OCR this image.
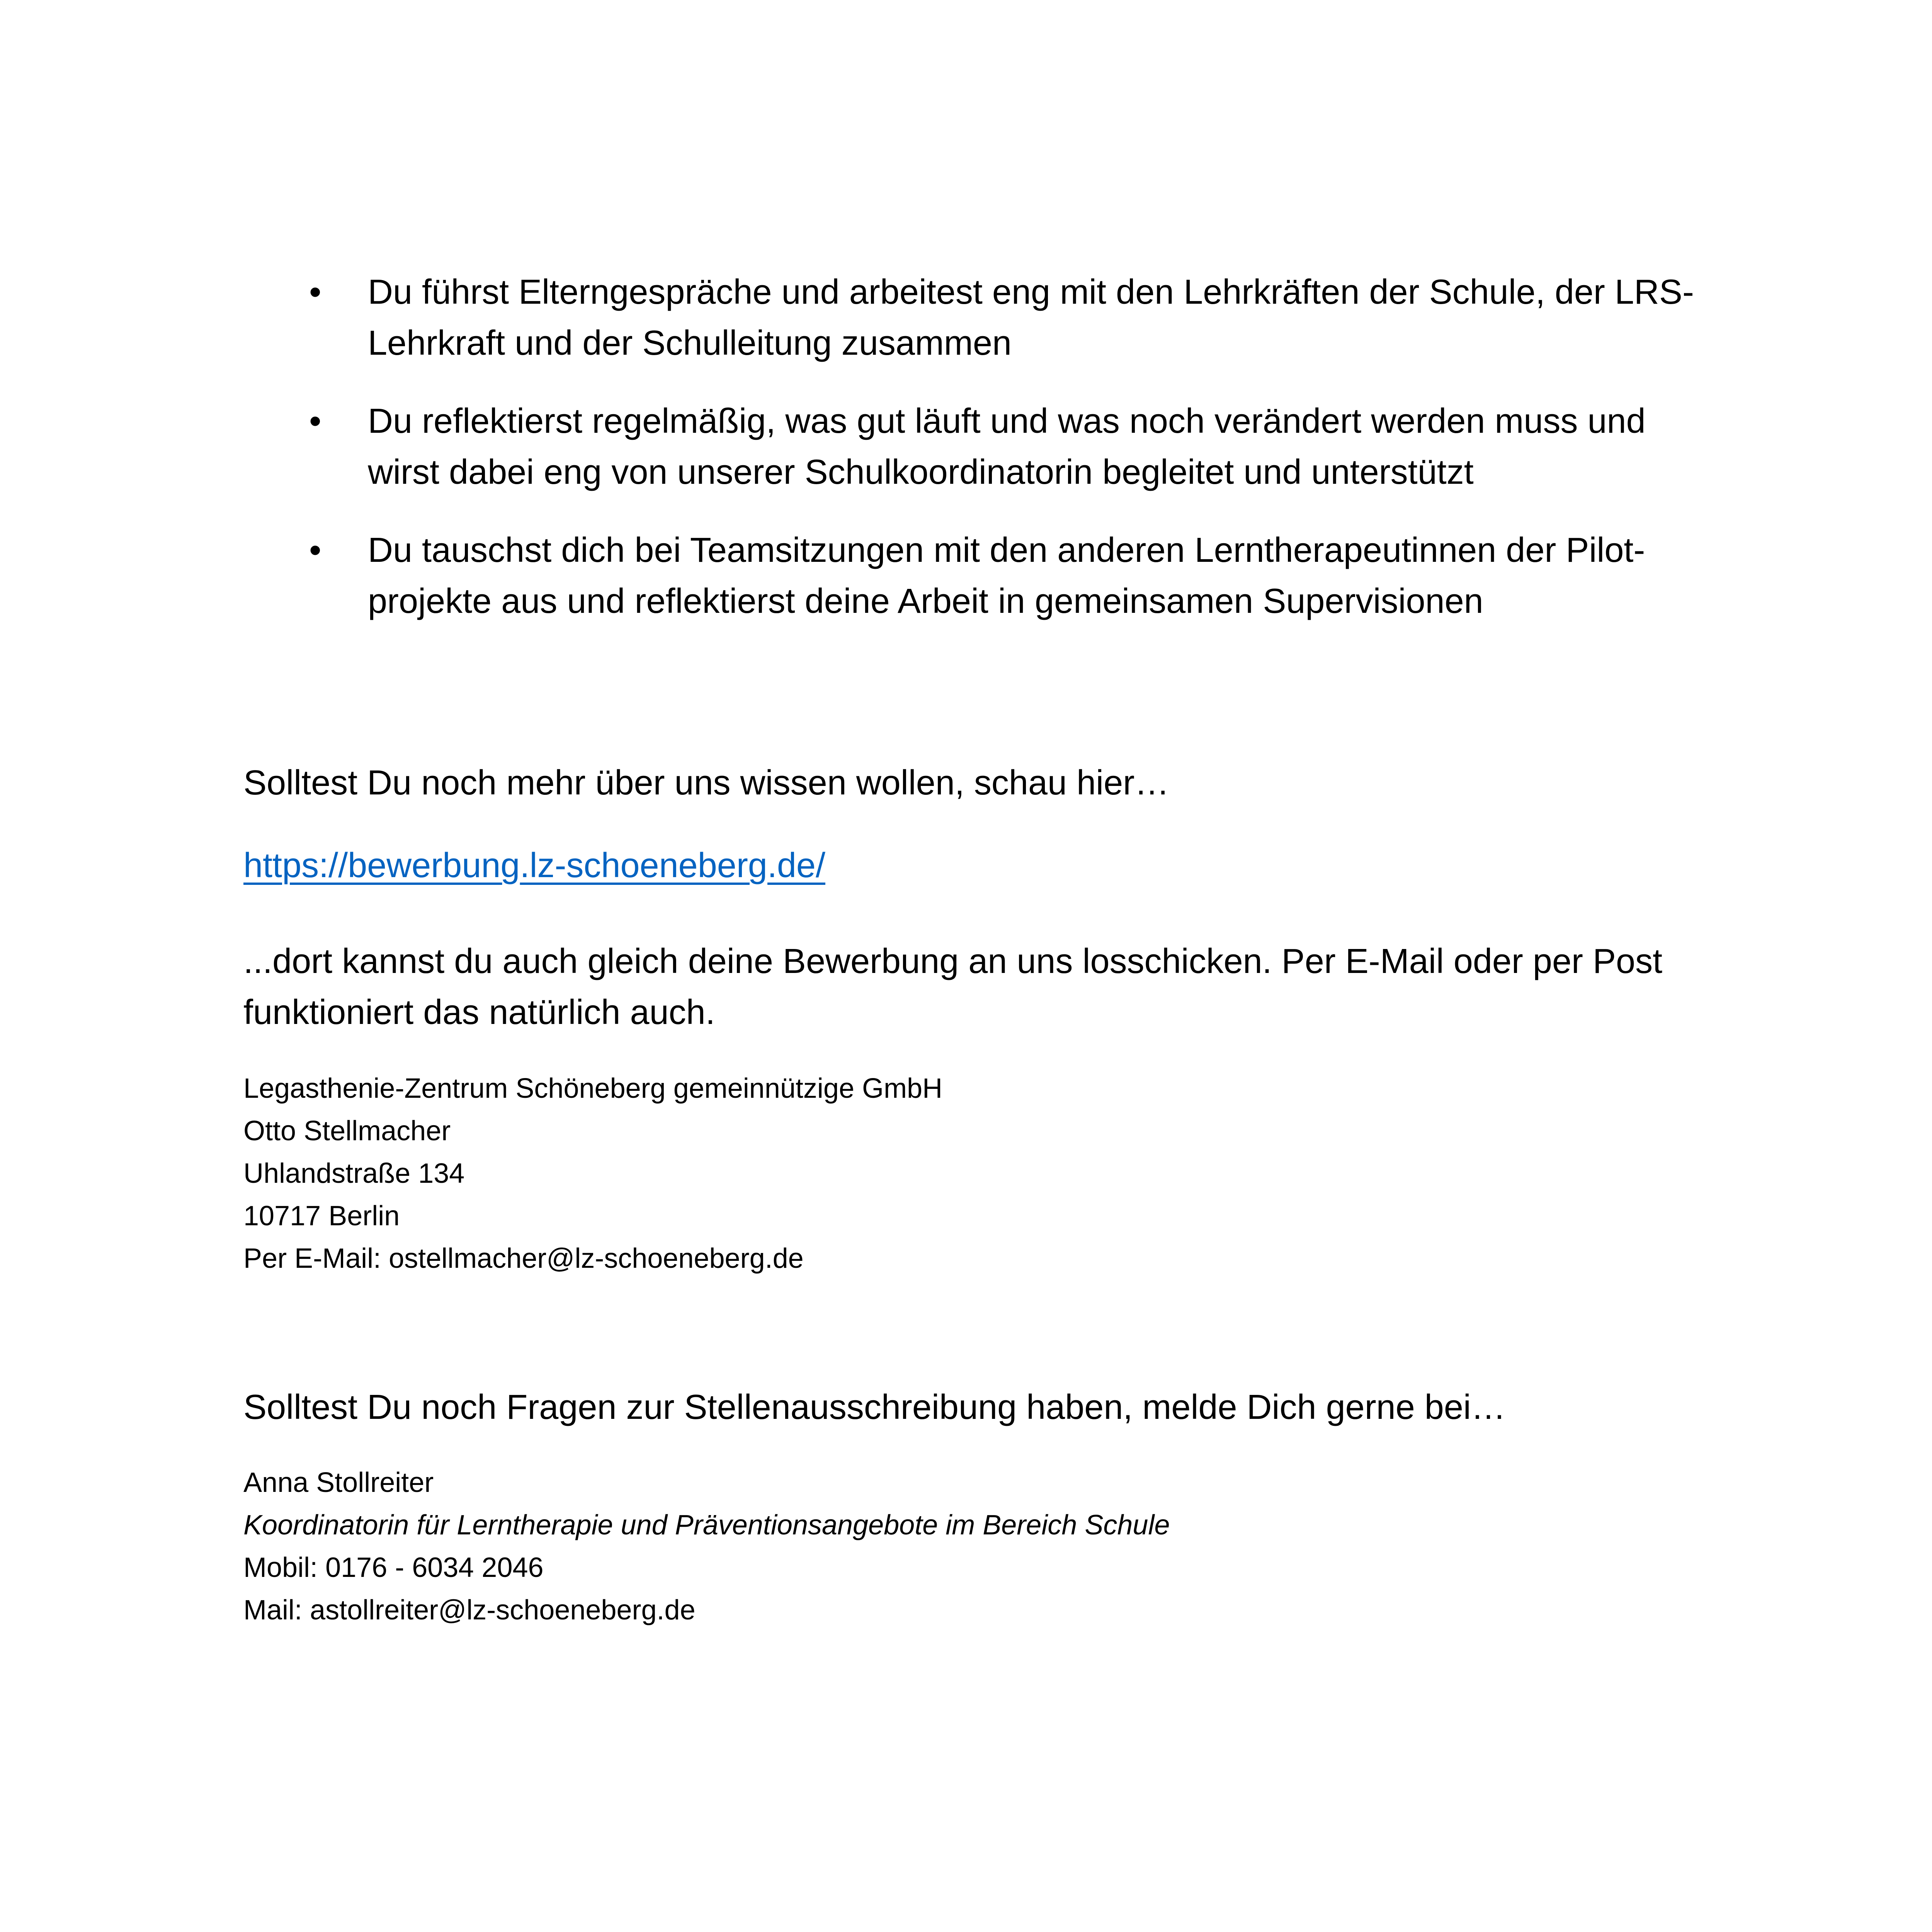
• Du führst Elterngespräche und arbeitest eng mit den Lehrkräften der Schule, der LRS-
Lehrkraft und der Schulleitung zusammen
• Du reflektierst regelmäßig, was gut läuft und was noch verändert werden muss und
wirst dabei eng von unserer Schulkoordinatorin begleitet und unterstützt
• Du tauschst dich bei Teamsitzungen mit den anderen Lerntherapeutinnen der Pilot-
projekte aus und reflektierst deine Arbeit in gemeinsamen Supervisionen

Solltest Du noch mehr über uns wissen wollen, schau hier…

https://bewerbung.lz-schoeneberg.de/

...dort kannst du auch gleich deine Bewerbung an uns losschicken. Per E-Mail oder per Post
funktioniert das natürlich auch.

Legasthenie-Zentrum Schöneberg gemeinnützige GmbH
Otto Stellmacher
Uhlandstraße 134
10717 Berlin
Per E-Mail: ostellmacher@lz-schoeneberg.de

Solltest Du noch Fragen zur Stellenausschreibung haben, melde Dich gerne bei…

Anna Stollreiter
Koordinatorin für Lerntherapie und Präventionsangebote im Bereich Schule
Mobil: 0176 - 6034 2046
Mail: astollreiter@lz-schoeneberg.de
